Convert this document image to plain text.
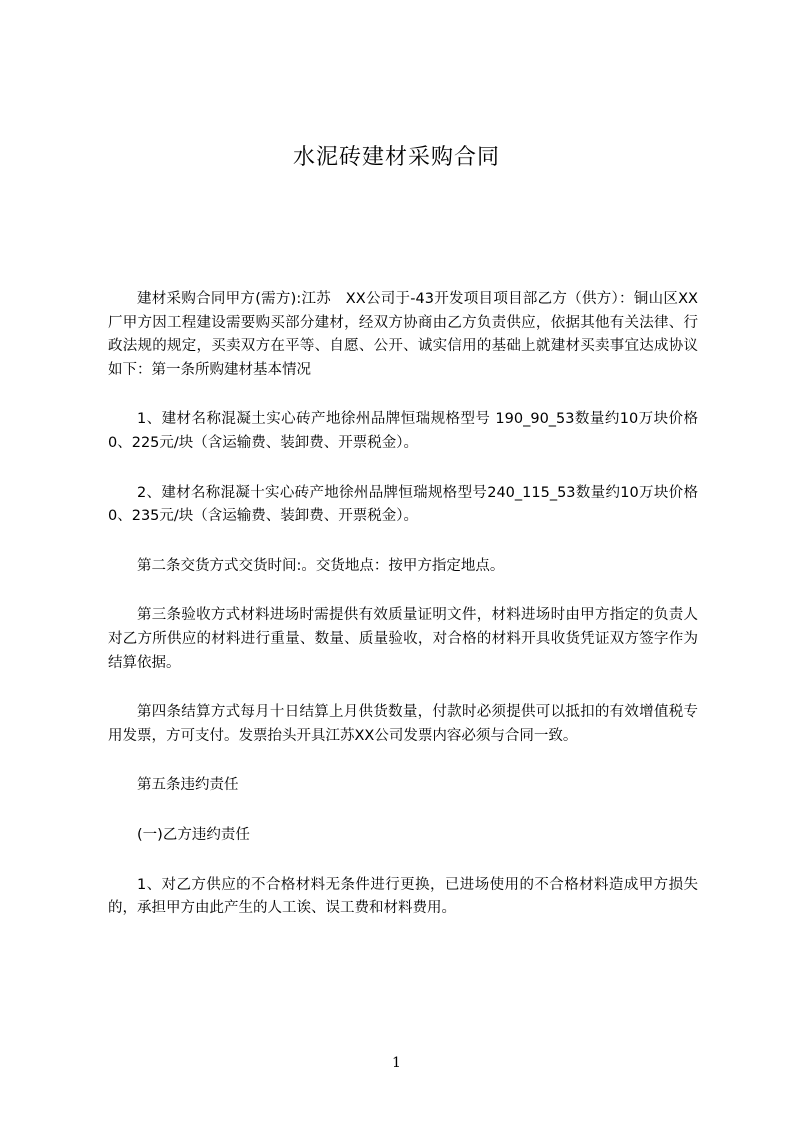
水泥砖建材采购合同

建材采购合同甲方(需方):江苏　XX公司于-43开发项目项目部乙方（供方）：铜山区XX厂甲方因工程建设需要购买部分建材，经双方协商由乙方负责供应，依据其他有关法律、行政法规的规定，买卖双方在平等、自愿、公开、诚实信用的基础上就建材买卖事宜达成协议如下：第一条所购建材基本情况

1、建材名称混凝土实心砖产地徐州品牌恒瑞规格型号 190_90_53数量约10万块价格0、225元/块（含运输费、装卸费、开票税金）。

2、建材名称混凝十实心砖产地徐州品牌恒瑞规格型号240_115_53数量约10万块价格0、235元/块（含运输费、装卸费、开票税金）。

第二条交货方式交货时间:。交货地点：按甲方指定地点。

第三条验收方式材料进场时需提供有效质量证明文件，材料进场时由甲方指定的负责人对乙方所供应的材料进行重量、数量、质量验收，对合格的材料开具收货凭证双方签字作为结算依据。

第四条结算方式每月十日结算上月供货数量，付款时必须提供可以抵扣的有效增值税专用发票，方可支付。发票抬头开具江苏XX公司发票内容必须与合同一致。

第五条违约责任

(一)乙方违约责任

1、对乙方供应的不合格材料无条件进行更换，已进场使用的不合格材料造成甲方损失的，承担甲方由此产生的人工诶、误工费和材料费用。

1
